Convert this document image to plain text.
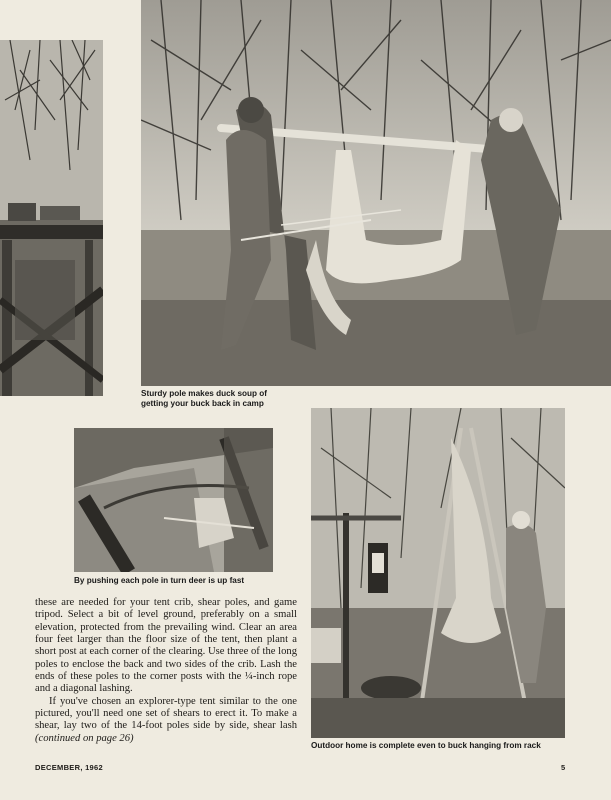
Sturdy pole makes duck soup of getting your buck back in camp
By pushing each pole in turn deer is up fast
Outdoor home is complete even to buck hanging from rack

these are needed for your tent crib, shear poles, and game tripod. Select a bit of level ground, preferably on a small elevation, protected from the prevailing wind. Clear an area four feet larger than the floor size of the tent, then plant a short post at each corner of the clearing. Use three of the long poles to enclose the back and two sides of the crib. Lash the ends of these poles to the corner posts with the ¼-inch rope and a diagonal lashing.

If you've chosen an explorer-type tent similar to the one pictured, you'll need one set of shears to erect it. To make a shear, lay two of the 14-foot poles side by side, shear lash (continued on page 26)

DECEMBER, 1962	5
